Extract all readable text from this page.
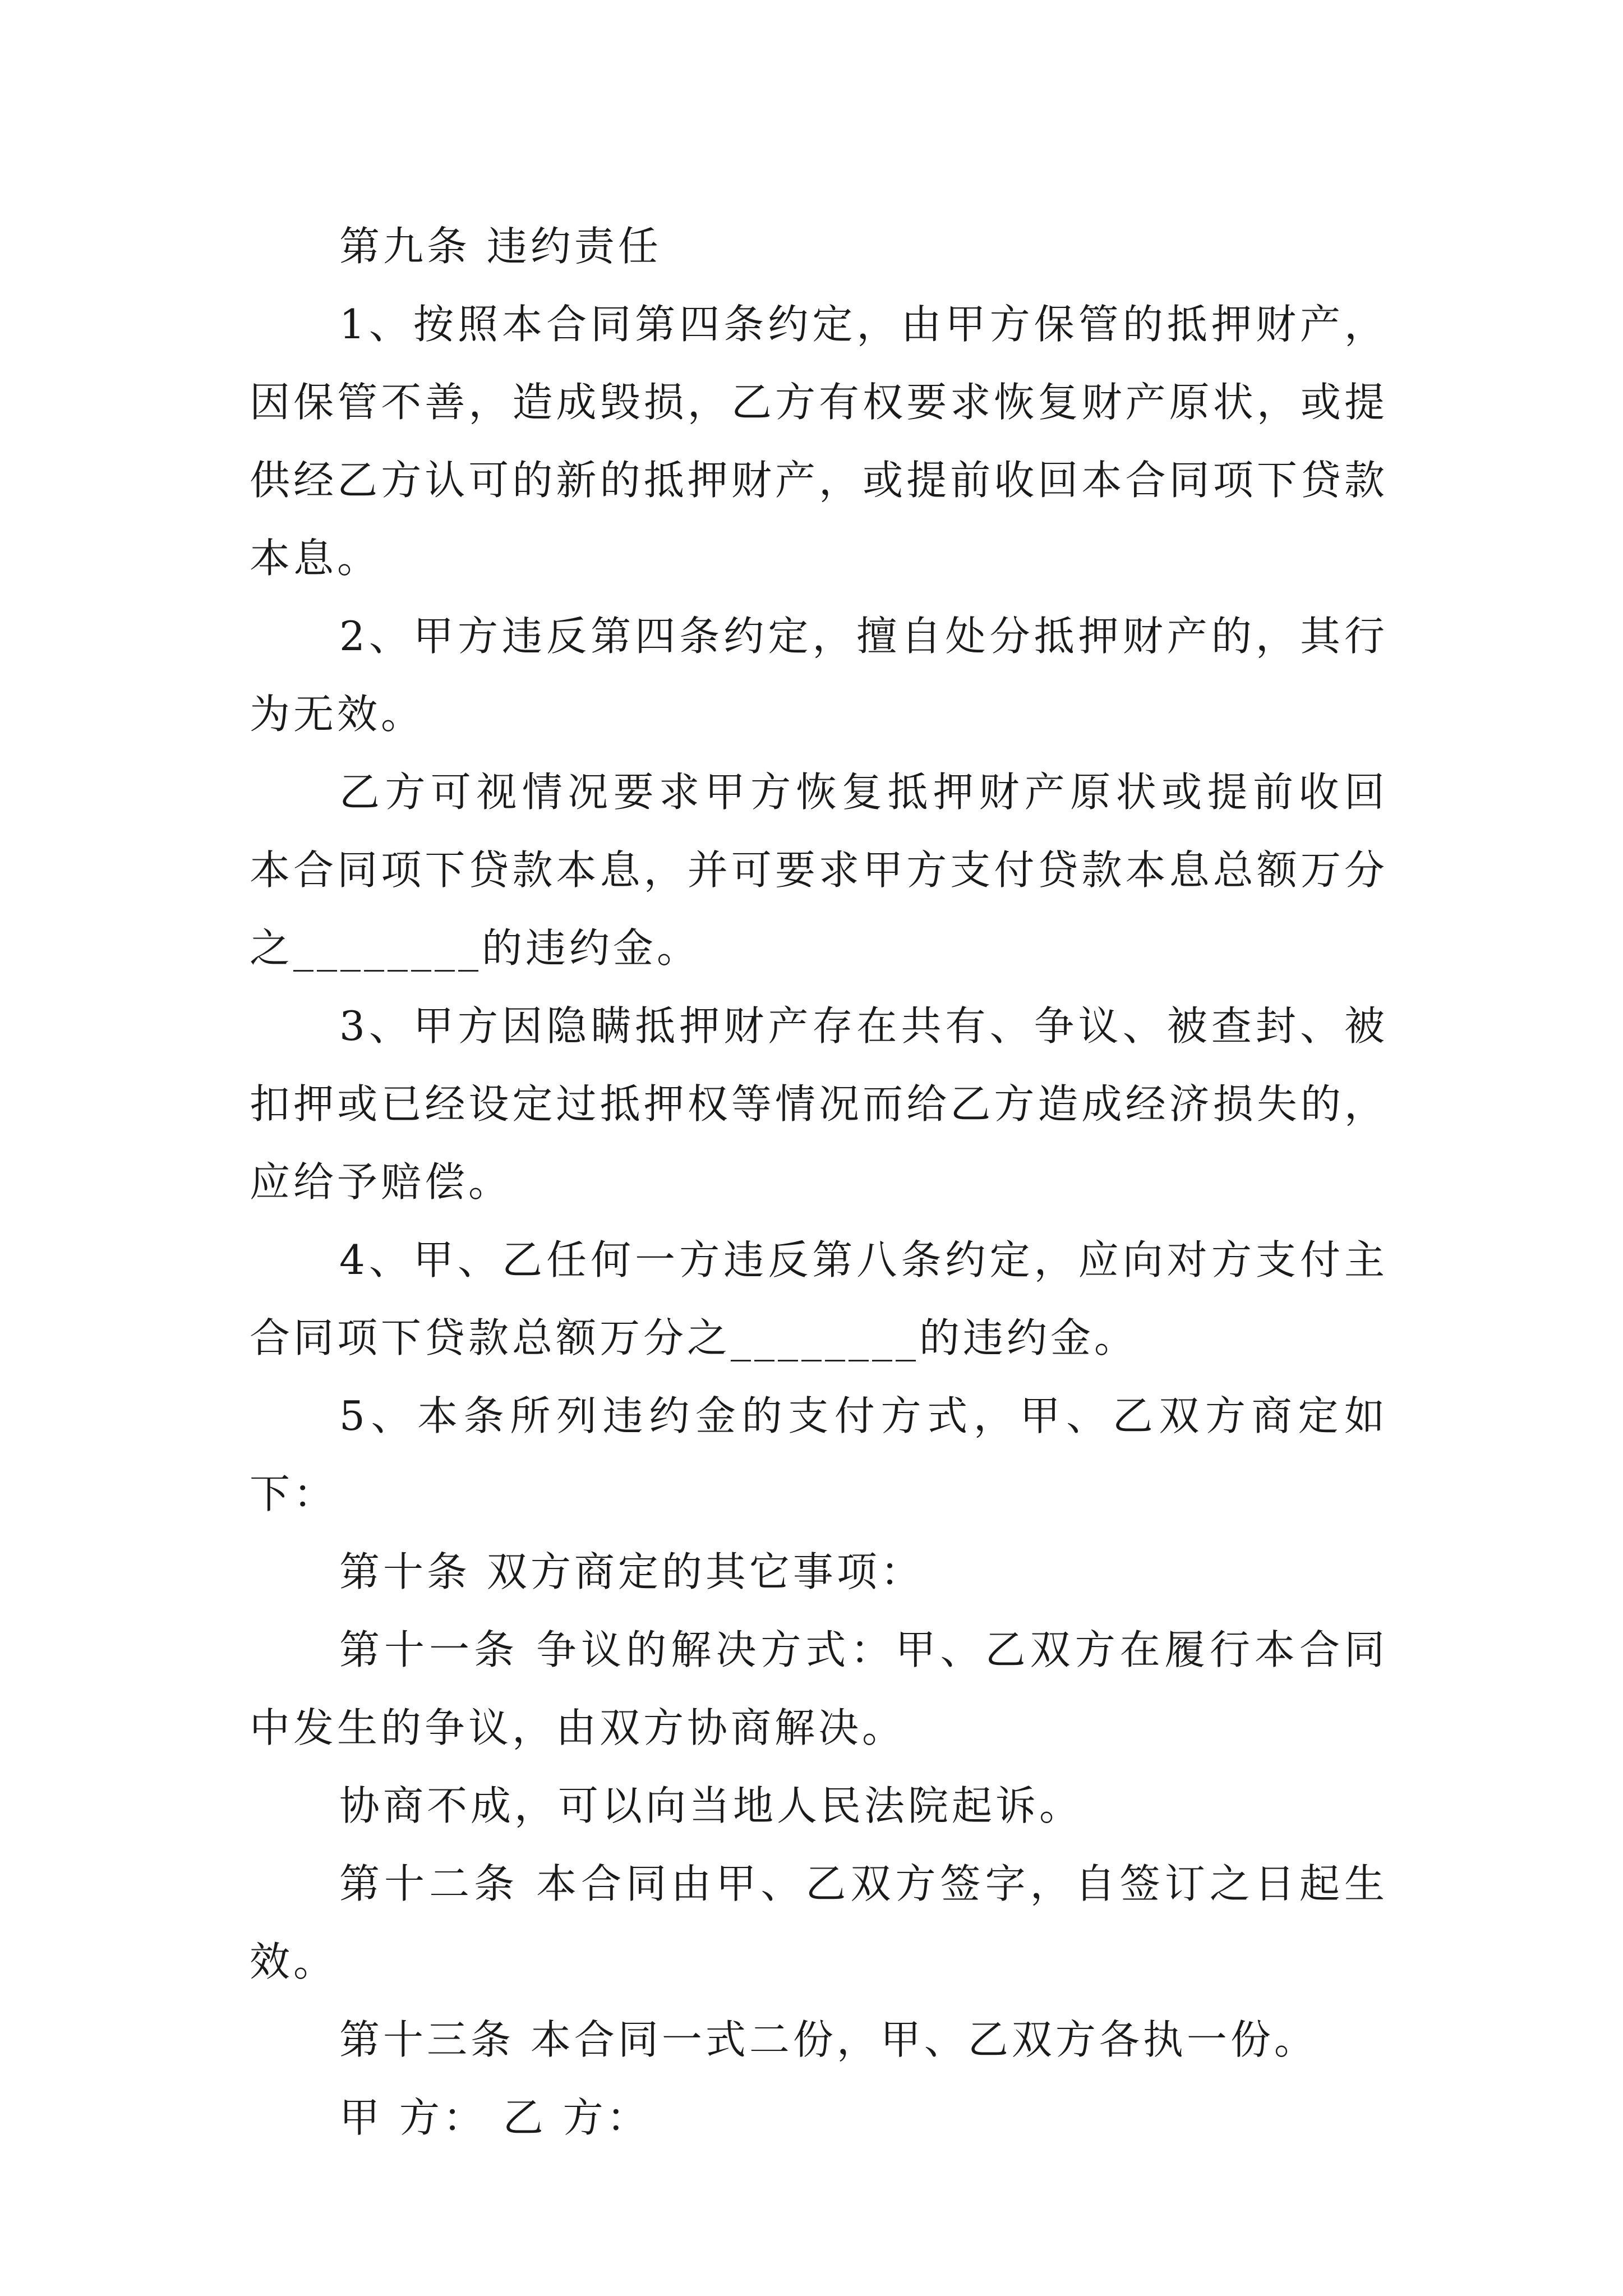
第九条 违约责任

1、按照本合同第四条约定，由甲方保管的抵押财产，因保管不善，造成毁损，乙方有权要求恢复财产原状，或提供经乙方认可的新的抵押财产，或提前收回本合同项下贷款本息。

2、甲方违反第四条约定，擅自处分抵押财产的，其行为无效。

乙方可视情况要求甲方恢复抵押财产原状或提前收回本合同项下贷款本息，并可要求甲方支付贷款本息总额万分之________的违约金。

3、甲方因隐瞒抵押财产存在共有、争议、被查封、被扣押或已经设定过抵押权等情况而给乙方造成经济损失的，应给予赔偿。

4、甲、乙任何一方违反第八条约定，应向对方支付主合同项下贷款总额万分之________的违约金。

5、本条所列违约金的支付方式，甲、乙双方商定如下：

第十条 双方商定的其它事项：

第十一条 争议的解决方式：甲、乙双方在履行本合同中发生的争议，由双方协商解决。

协商不成，可以向当地人民法院起诉。

第十二条 本合同由甲、乙双方签字，自签订之日起生效。

第十三条 本合同一式二份，甲、乙双方各执一份。

甲 方： 乙 方：
